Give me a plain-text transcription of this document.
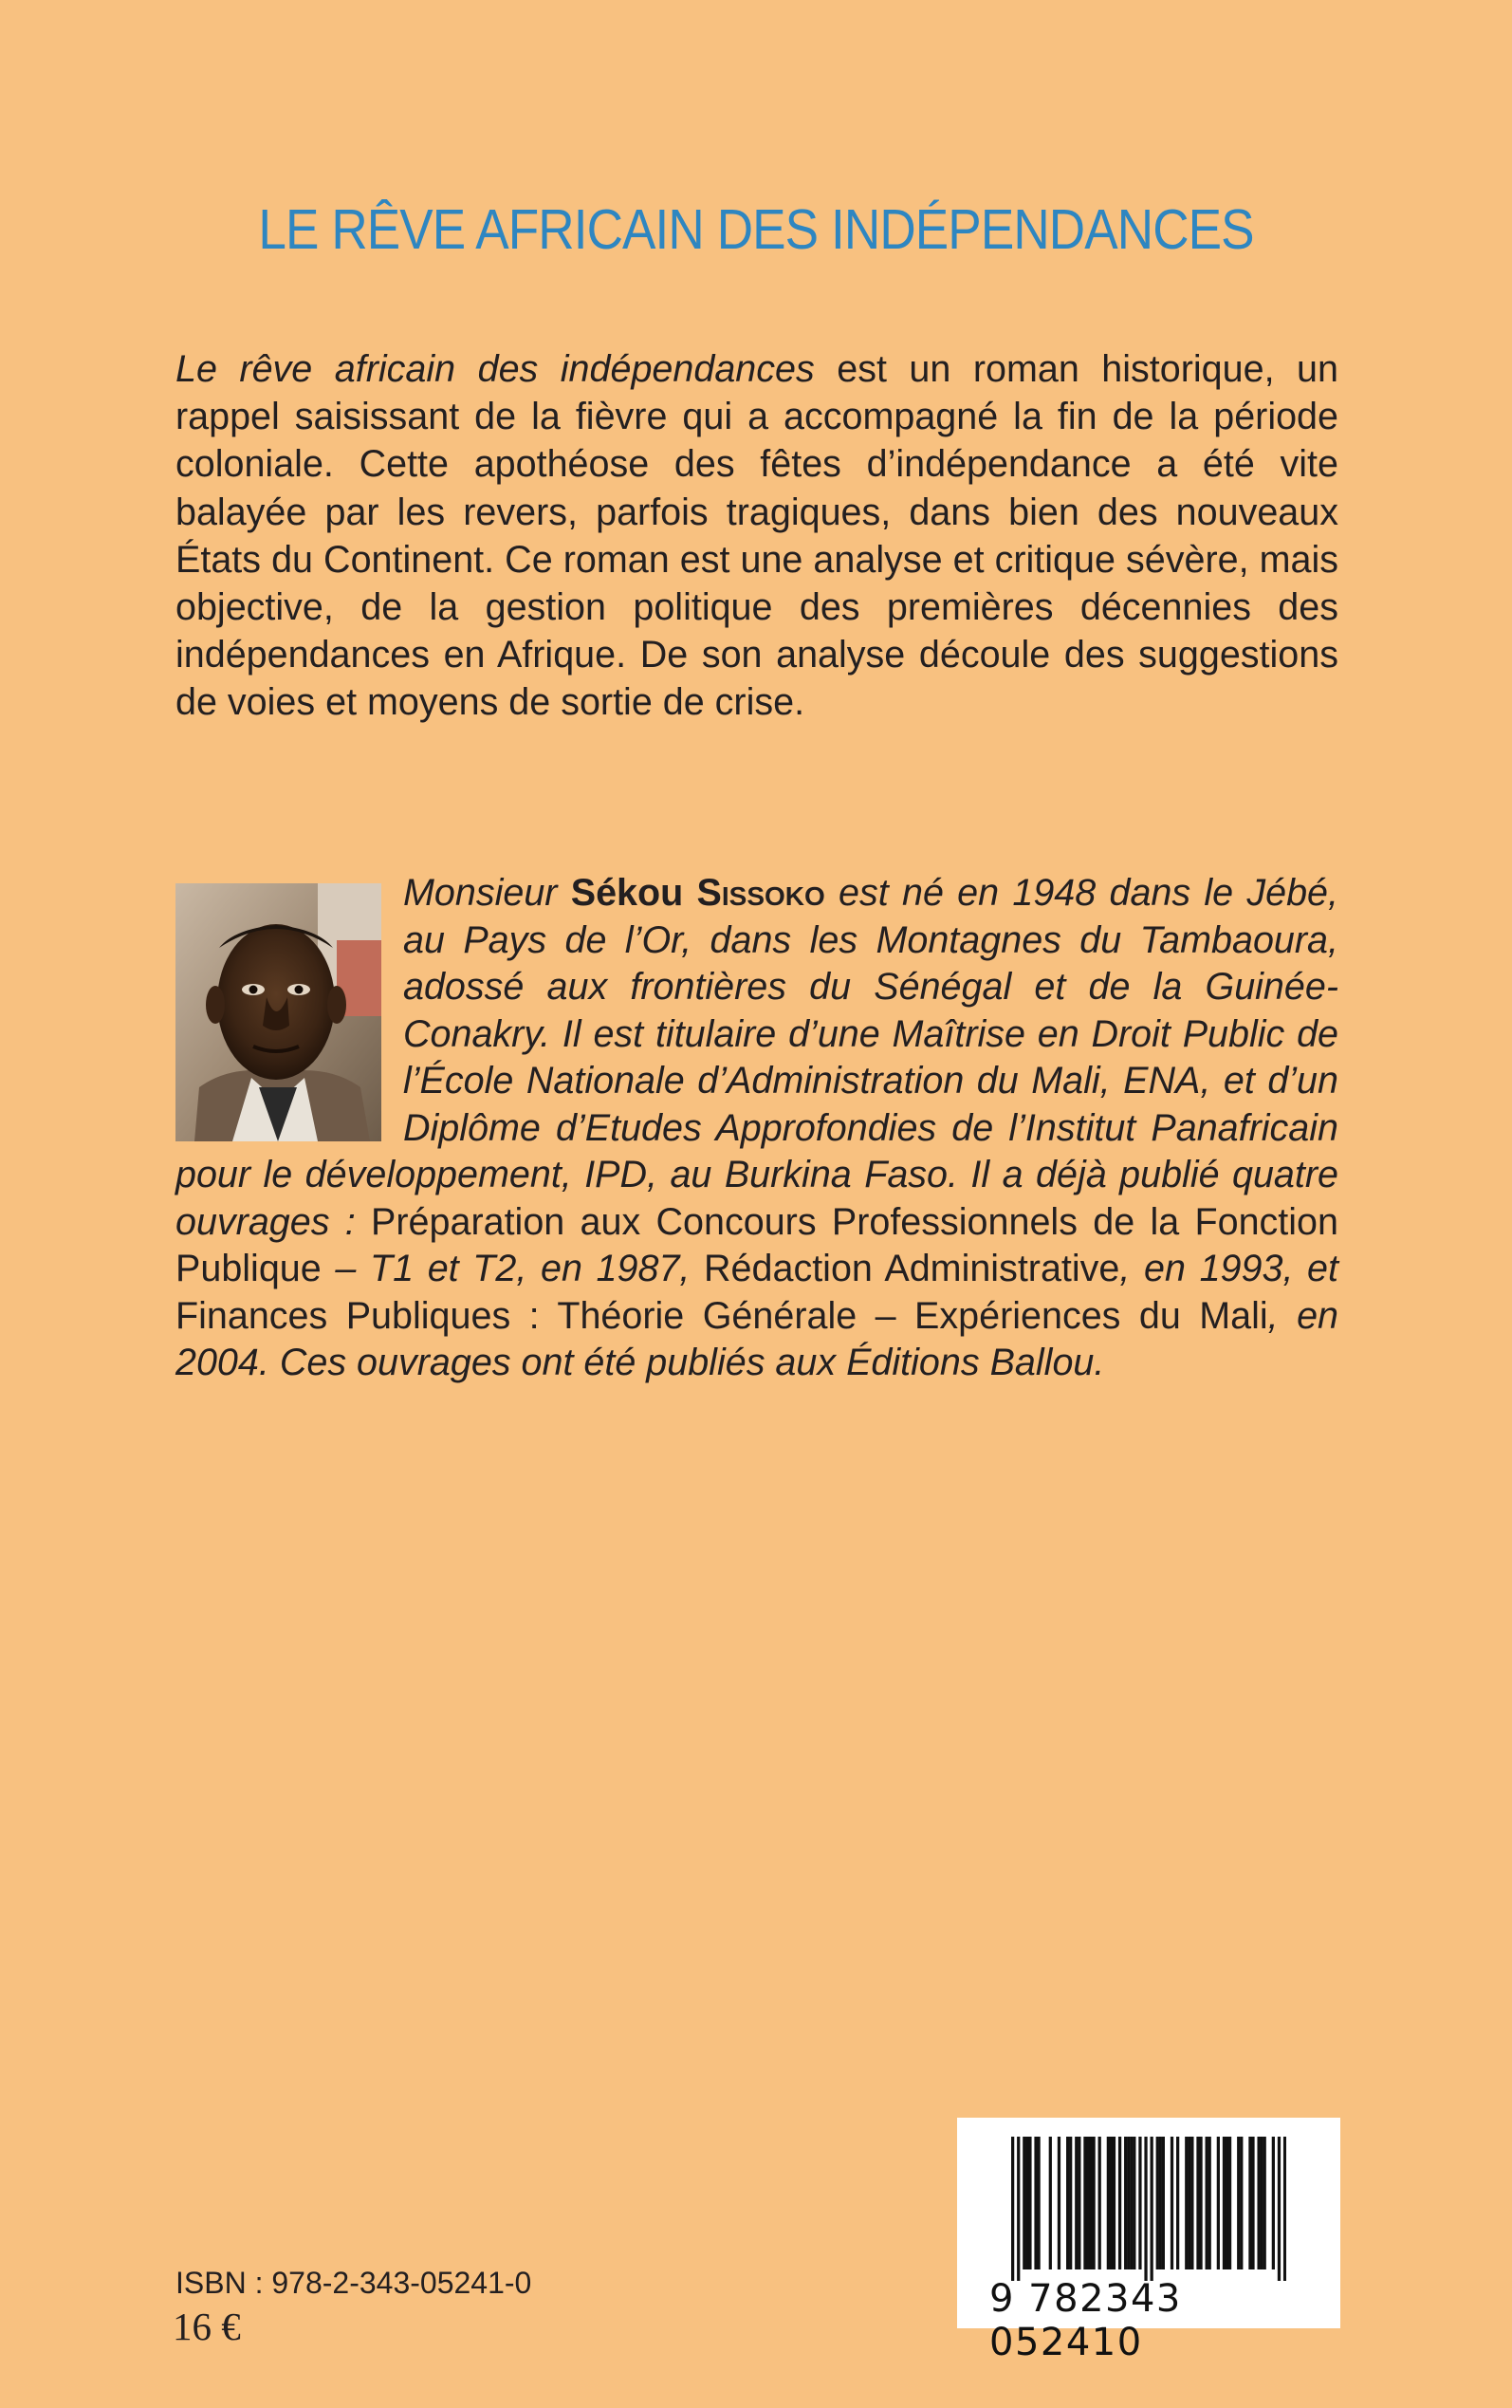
LE RÊVE AFRICAIN DES INDÉPENDANCES

Le rêve africain des indépendances est un roman historique, un rappel saisissant de la fièvre qui a accompagné la fin de la période coloniale. Cette apothéose des fêtes d’indépendance a été vite balayée par les revers, parfois tragiques, dans bien des nouveaux États du Continent. Ce roman est une analyse et critique sévère, mais objective, de la gestion politique des premières décennies des indépendances en Afrique. De son analyse découle des suggestions de voies et moyens de sortie de crise.

Monsieur Sékou Sissoko est né en 1948 dans le Jébé, au Pays de l’Or, dans les Montagnes du Tambaoura, adossé aux frontières du Sénégal et de la Guinée- Conakry. Il est titulaire d’une Maîtrise en Droit Public de l’École Nationale d’Administration du Mali, ENA, et d’un Diplôme d’Etudes Approfondies de l’Institut Panafricain pour le développement, IPD, au Burkina Faso. Il a déjà publié quatre ouvrages : Préparation aux Concours Professionnels de la Fonction Publique – T1 et T2, en 1987, Rédaction Administrative, en 1993, et Finances Publiques : Théorie Générale – Expériences du Mali, en 2004. Ces ouvrages ont été publiés aux Éditions Ballou.

9 782343 052410
ISBN : 978-2-343-05241-0
16 €
